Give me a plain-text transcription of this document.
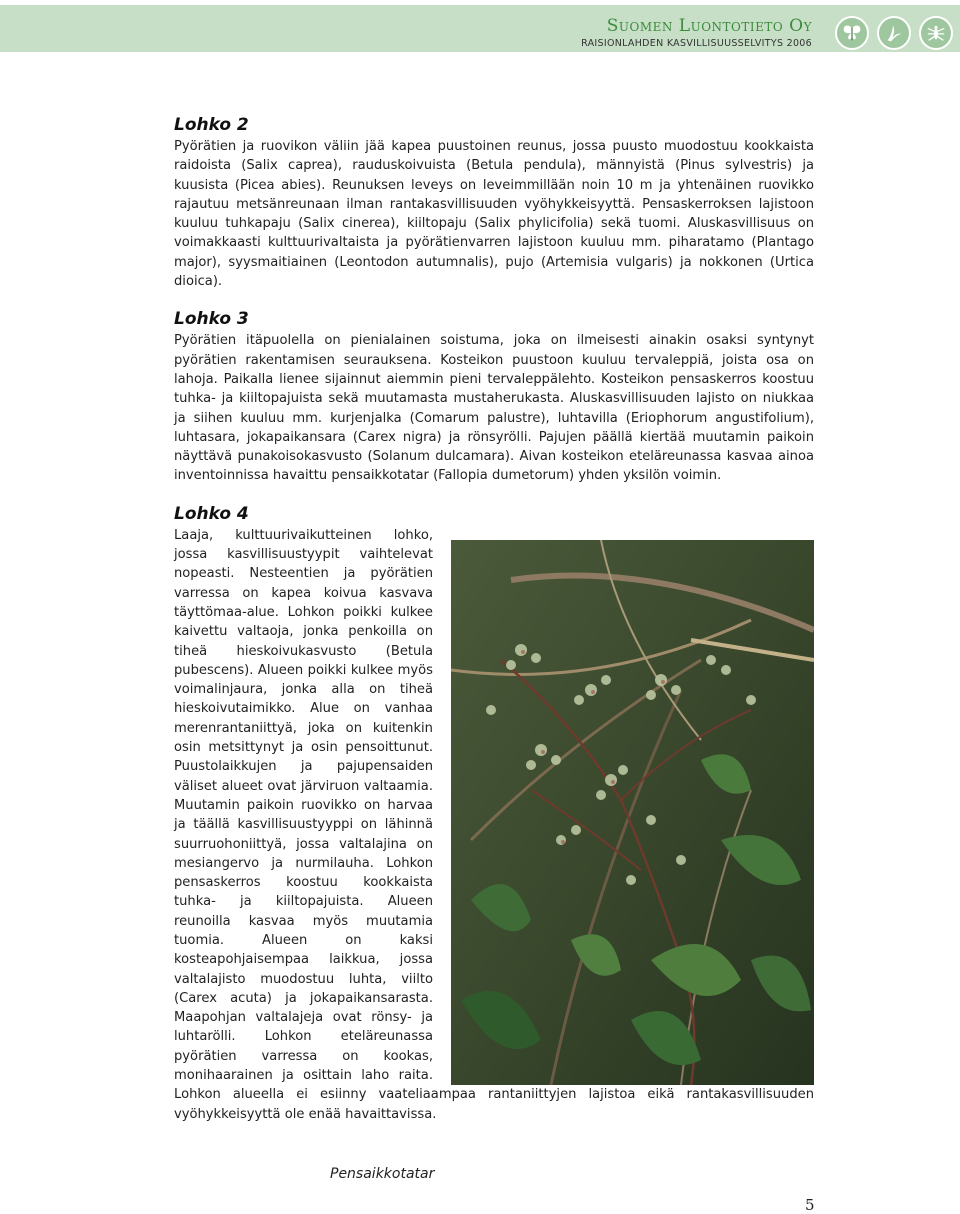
Suomen Luontotieto Oy
RAISIONLAHDEN KASVILLISUUSSELVITYS 2006
Lohko 2

Pyörätien ja ruovikon väliin jää kapea puustoinen reunus, jossa puusto muodostuu kookkaista raidoista (Salix caprea), rauduskoivuista (Betula pendula), männyistä (Pinus sylvestris) ja kuusista (Picea abies). Reunuksen leveys on leveimmillään noin 10 m ja yhtenäinen ruovikko rajautuu metsänreunaan ilman rantakasvillisuuden vyöhykkeisyyttä. Pensaskerroksen lajistoon kuuluu tuhkapaju (Salix cinerea), kiiltopaju (Salix phylicifolia) sekä tuomi. Aluskasvillisuus on voimakkaasti kulttuurivaltaista ja pyörätienvarren lajistoon kuuluu mm. piharatamo (Plantago major), syysmaitiainen (Leontodon autumnalis), pujo (Artemisia vulgaris) ja nokkonen (Urtica dioica).

Lohko 3

Pyörätien itäpuolella on pienialainen soistuma, joka on ilmeisesti ainakin osaksi syntynyt pyörätien rakentamisen seurauksena. Kosteikon puustoon kuuluu tervaleppiä, joista osa on lahoja. Paikalla lienee sijainnut aiemmin pieni tervaleppälehto. Kosteikon pensaskerros koostuu tuhka- ja kiiltopajuista sekä muutamasta mustaherukasta. Aluskasvillisuuden lajisto on niukkaa ja siihen kuuluu mm. kurjenjalka (Comarum palustre), luhtavilla (Eriophorum angustifolium), luhtasara, jokapaikansara (Carex nigra) ja rönsyrölli. Pajujen päällä kiertää muutamin paikoin näyttävä punakoisokasvusto (Solanum dulcamara). Aivan kosteikon eteläreunassa kasvaa ainoa inventoinnissa havaittu pensaikkotatar (Fallopia dumetorum) yhden yksilön voimin.

Lohko 4

Laaja, kulttuurivaikutteinen lohko, jossa kasvillisuustyypit vaihtelevat nopeasti. Nesteentien ja pyörätien varressa on kapea koivua kasvava täyttömaa-alue. Lohkon poikki kulkee kaivettu valtaoja, jonka penkoilla on tiheä hieskoivukasvusto (Betula pubescens). Alueen poikki kulkee myös voimalinjaura, jonka alla on tiheä hieskoivutaimikko. Alue on vanhaa merenrantaniittyä, joka on kuitenkin osin metsittynyt ja osin pensoittunut. Puustolaikkujen ja pajupensaiden väliset alueet ovat järviruon valtaamia. Muutamin paikoin ruovikko on harvaa ja täällä kasvillisuustyyppi on lähinnä suurruohoniittyä, jossa valtalajina on mesiangervo ja nurmilauha. Lohkon pensaskerros koostuu kookkaista tuhka- ja kiiltopajuista. Alueen reunoilla kasvaa myös muutamia tuomia. Alueen on kaksi kosteapohjaisempaa laikkua, jossa valtalajisto muodostuu luhta, viilto (Carex acuta) ja jokapaikansarasta. Maapohjan valtalajeja ovat rönsy- ja luhtarölli. Lohkon eteläreunassa pyörätien varressa on kookas, monihaarainen ja osittain laho raita. Lohkon alueella ei esiinny vaateliaampaa rantaniittyjen lajistoa eikä rantakasvillisuuden vyöhykkeisyyttä ole enää havaittavissa.

Pensaikkotatar
5
